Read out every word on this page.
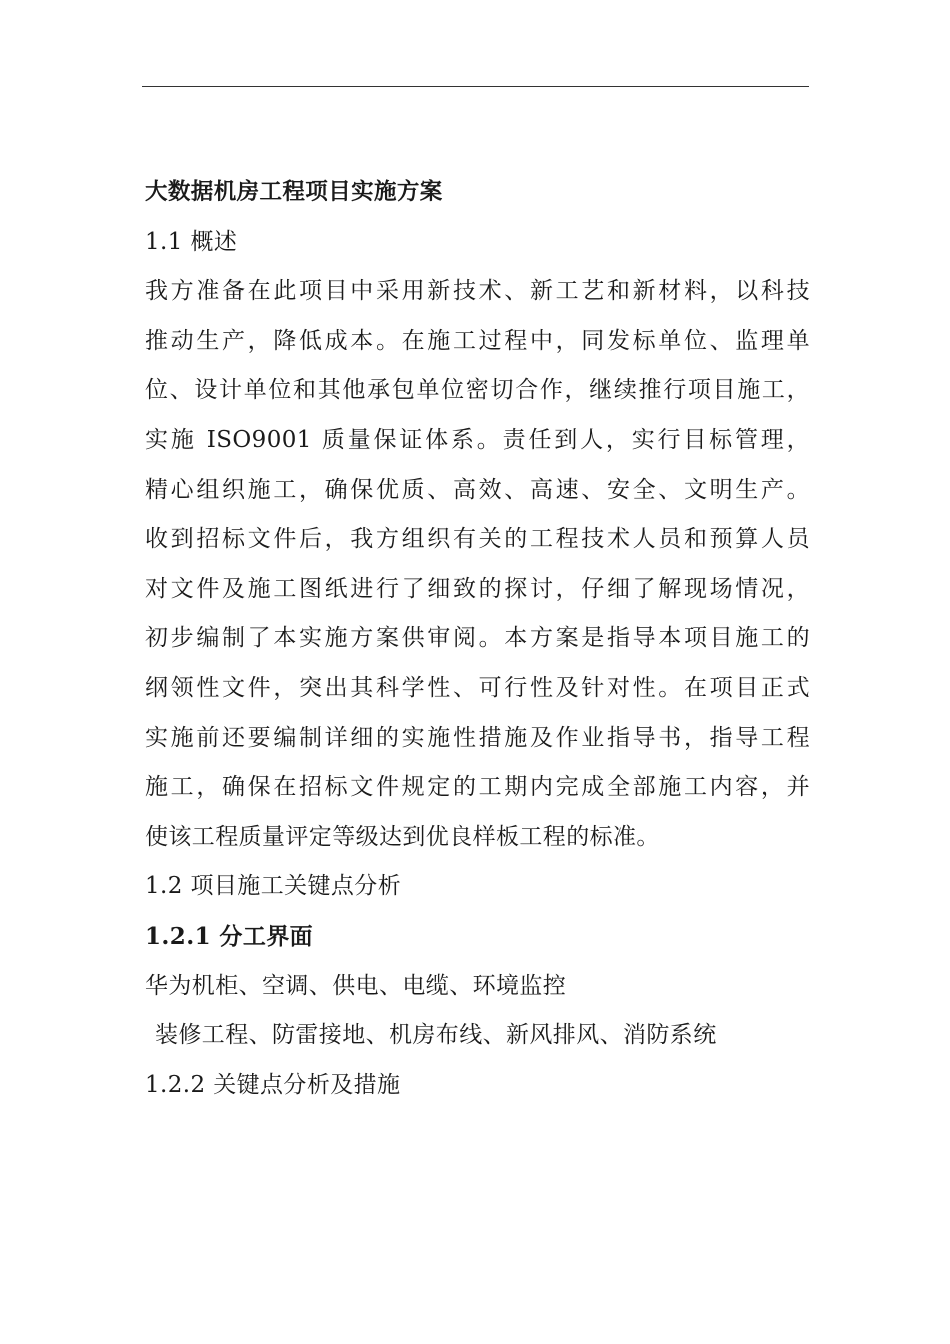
大数据机房工程项目实施方案
1.1 概述
我方准备在此项目中采用新技术、新工艺和新材料，以科技
推动生产，降低成本。在施工过程中，同发标单位、监理单
位、设计单位和其他承包单位密切合作，继续推行项目施工，
实施 ISO9001 质量保证体系。责任到人，实行目标管理，
精心组织施工，确保优质、高效、高速、安全、文明生产。
收到招标文件后，我方组织有关的工程技术人员和预算人员
对文件及施工图纸进行了细致的探讨，仔细了解现场情况，
初步编制了本实施方案供审阅。本方案是指导本项目施工的
纲领性文件，突出其科学性、可行性及针对性。在项目正式
实施前还要编制详细的实施性措施及作业指导书，指导工程
施工，确保在招标文件规定的工期内完成全部施工内容，并
使该工程质量评定等级达到优良样板工程的标准。
1.2 项目施工关键点分析
1.2.1 分工界面
华为机柜、空调、供电、电缆、环境监控
装修工程、防雷接地、机房布线、新风排风、消防系统
1.2.2 关键点分析及措施
